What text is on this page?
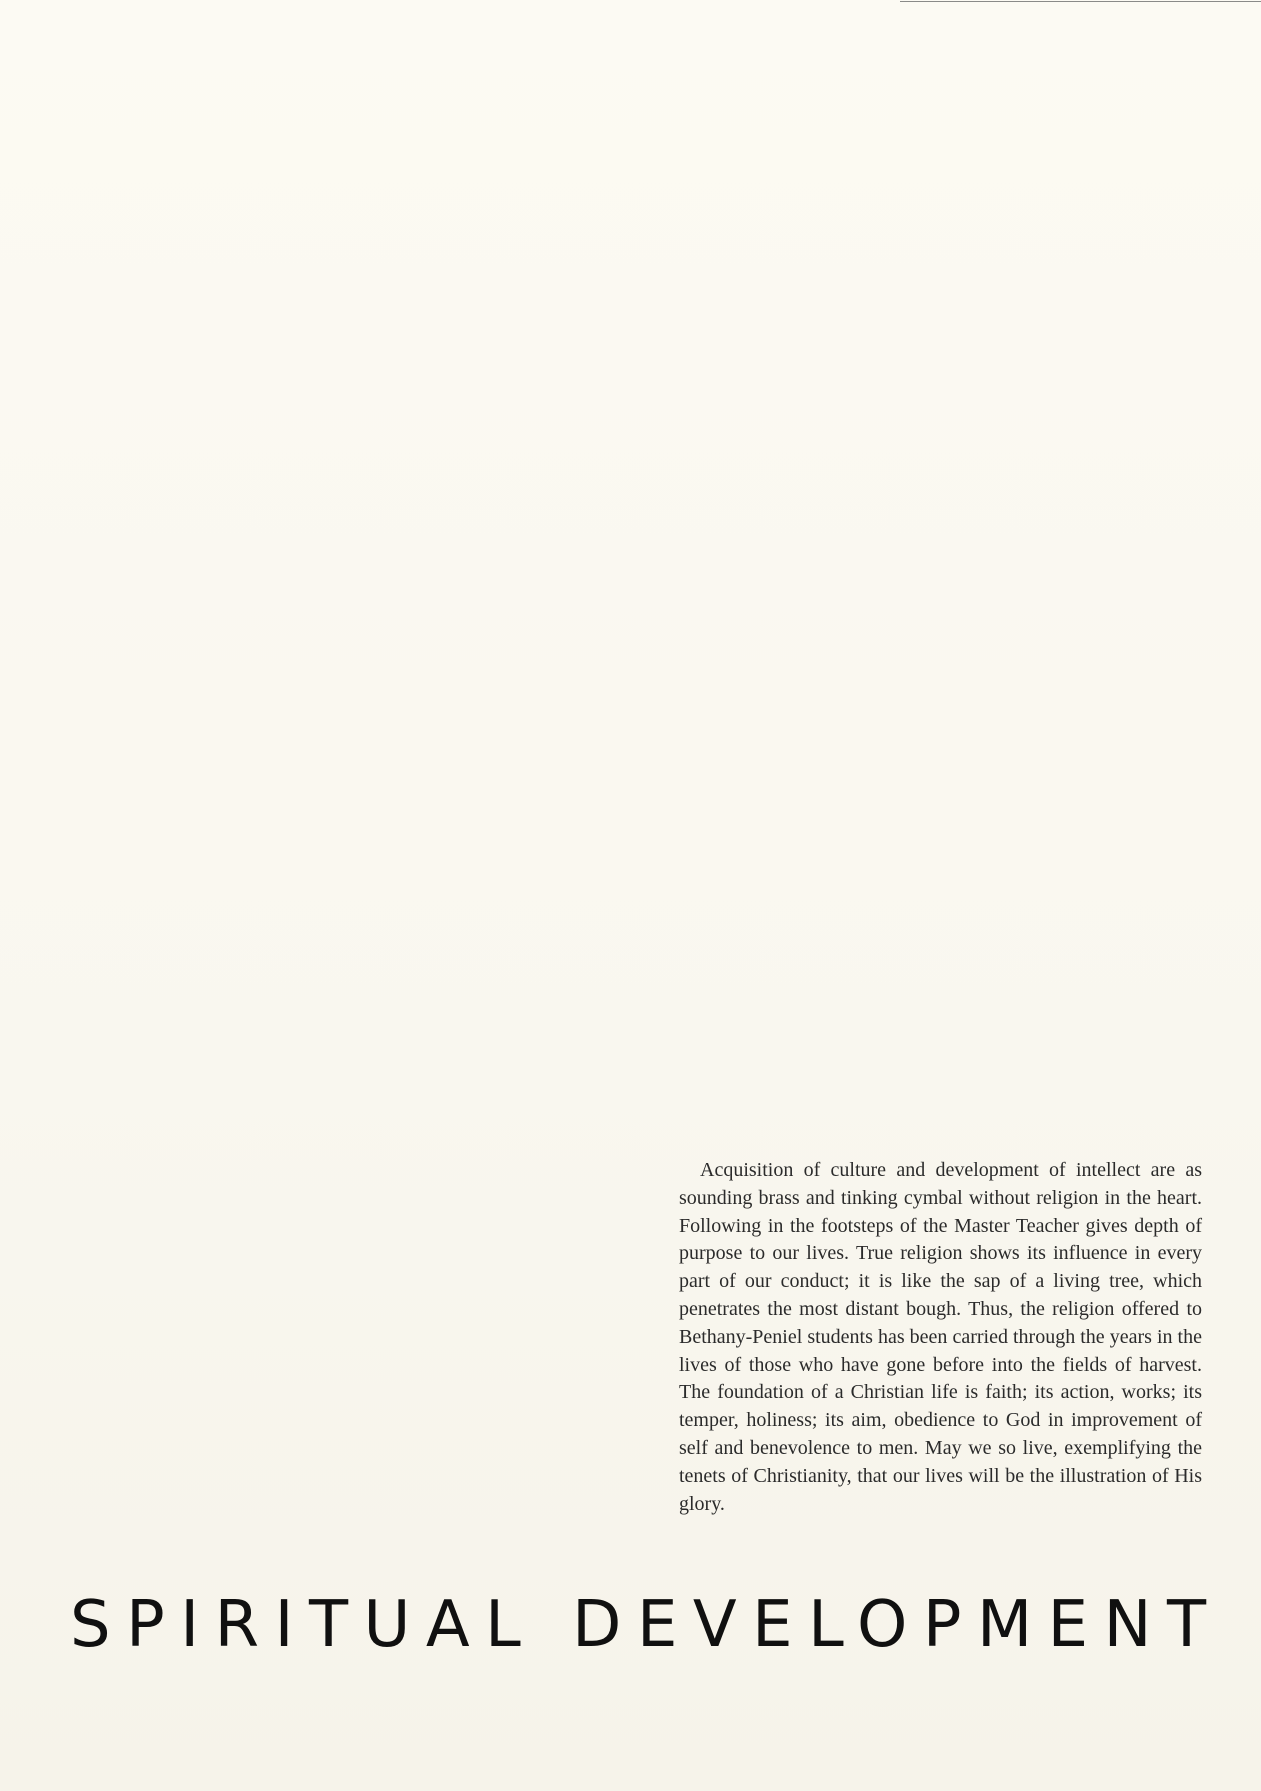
Acquisition of culture and development of intellect are as sounding brass and tinking cymbal without religion in the heart. Following in the footsteps of the Master Teacher gives depth of purpose to our lives. True religion shows its influence in every part of our conduct; it is like the sap of a living tree, which penetrates the most distant bough. Thus, the religion offered to Bethany-Peniel students has been carried through the years in the lives of those who have gone before into the fields of harvest. The foundation of a Christian life is faith; its action, works; its temper, holiness; its aim, obedience to God in improvement of self and benevolence to men. May we so live, exemplifying the tenets of Christianity, that our lives will be the illustration of His glory.

SPIRITUAL DEVELOPMENT
